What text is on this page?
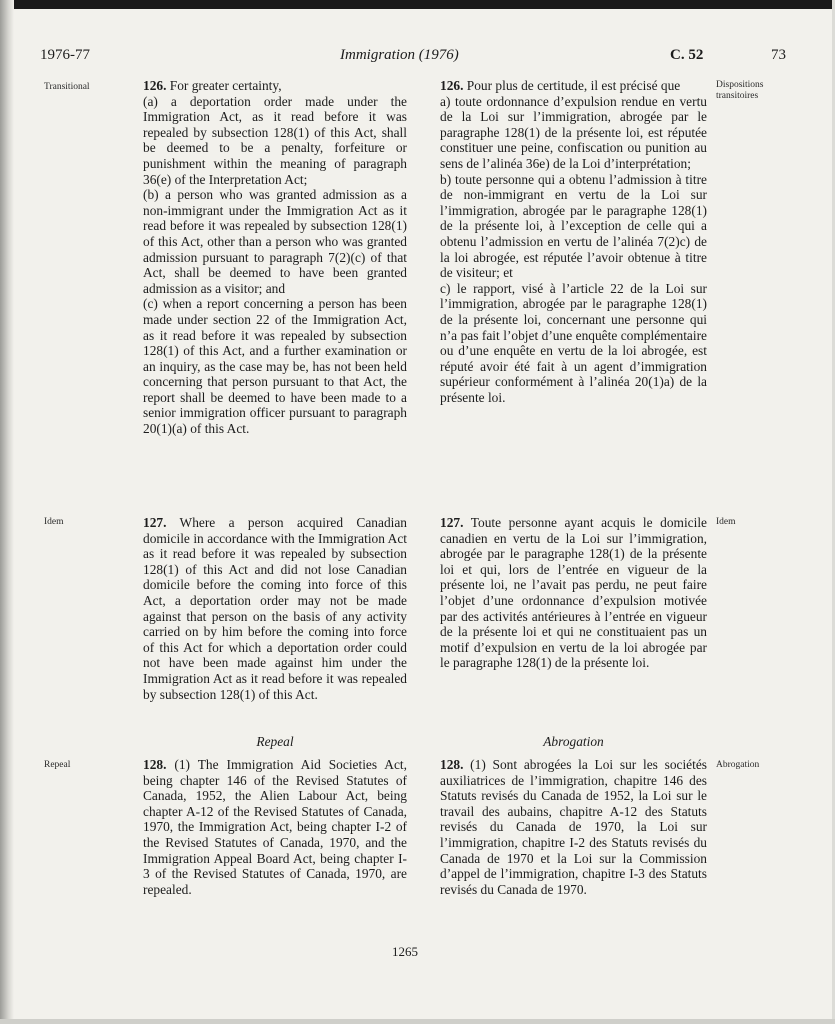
1976-77	Immigration (1976)	C. 52	73
Transitional	Dispositions
transitoires
Idem	Idem
Repeal	Abrogation

126. For greater certainty,

(a) a deportation order made under the Immigration Act, as it read before it was repealed by subsection 128(1) of this Act, shall be deemed to be a penalty, forfeiture or punishment within the meaning of paragraph 36(e) of the Interpretation Act;

(b) a person who was granted admission as a non-immigrant under the Immigration Act as it read before it was repealed by subsection 128(1) of this Act, other than a person who was granted admission pursuant to paragraph 7(2)(c) of that Act, shall be deemed to have been granted admission as a visitor; and

(c) when a report concerning a person has been made under section 22 of the Immigration Act, as it read before it was repealed by subsection 128(1) of this Act, and a further examination or an inquiry, as the case may be, has not been held concerning that person pursuant to that Act, the report shall be deemed to have been made to a senior immigration officer pursuant to paragraph 20(1)(a) of this Act.

126. Pour plus de certitude, il est précisé que

a) toute ordonnance d’expulsion rendue en vertu de la Loi sur l’immigration, abrogée par le paragraphe 128(1) de la présente loi, est réputée constituer une peine, confiscation ou punition au sens de l’alinéa 36e) de la Loi d’interprétation;

b) toute personne qui a obtenu l’admission à titre de non-immigrant en vertu de la Loi sur l’immigration, abrogée par le paragraphe 128(1) de la présente loi, à l’exception de celle qui a obtenu l’admission en vertu de l’alinéa 7(2)c) de la loi abrogée, est réputée l’avoir obtenue à titre de visiteur; et

c) le rapport, visé à l’article 22 de la Loi sur l’immigration, abrogée par le paragraphe 128(1) de la présente loi, concernant une personne qui n’a pas fait l’objet d’une enquête complémentaire ou d’une enquête en vertu de la loi abrogée, est réputé avoir été fait à un agent d’immigration supérieur conformément à l’alinéa 20(1)a) de la présente loi.

127. Where a person acquired Canadian domicile in accordance with the Immigration Act as it read before it was repealed by subsection 128(1) of this Act and did not lose Canadian domicile before the coming into force of this Act, a deportation order may not be made against that person on the basis of any activity carried on by him before the coming into force of this Act for which a deportation order could not have been made against him under the Immigration Act as it read before it was repealed by subsection 128(1) of this Act.

127. Toute personne ayant acquis le domicile canadien en vertu de la Loi sur l’immigration, abrogée par le paragraphe 128(1) de la présente loi et qui, lors de l’entrée en vigueur de la présente loi, ne l’avait pas perdu, ne peut faire l’objet d’une ordonnance d’expulsion motivée par des activités antérieures à l’entrée en vigueur de la présente loi et qui ne constituaient pas un motif d’expulsion en vertu de la loi abrogée par le paragraphe 128(1) de la présente loi.

Repeal	Abrogation

128. (1) The Immigration Aid Societies Act, being chapter 146 of the Revised Statutes of Canada, 1952, the Alien Labour Act, being chapter A-12 of the Revised Statutes of Canada, 1970, the Immigration Act, being chapter I-2 of the Revised Statutes of Canada, 1970, and the Immigration Appeal Board Act, being chapter I-3 of the Revised Statutes of Canada, 1970, are repealed.

128. (1) Sont abrogées la Loi sur les sociétés auxiliatrices de l’immigration, chapitre 146 des Statuts revisés du Canada de 1952, la Loi sur le travail des aubains, chapitre A-12 des Statuts revisés du Canada de 1970, la Loi sur l’immigration, chapitre I-2 des Statuts revisés du Canada de 1970 et la Loi sur la Commission d’appel de l’immigration, chapitre I-3 des Statuts revisés du Canada de 1970.

1265
